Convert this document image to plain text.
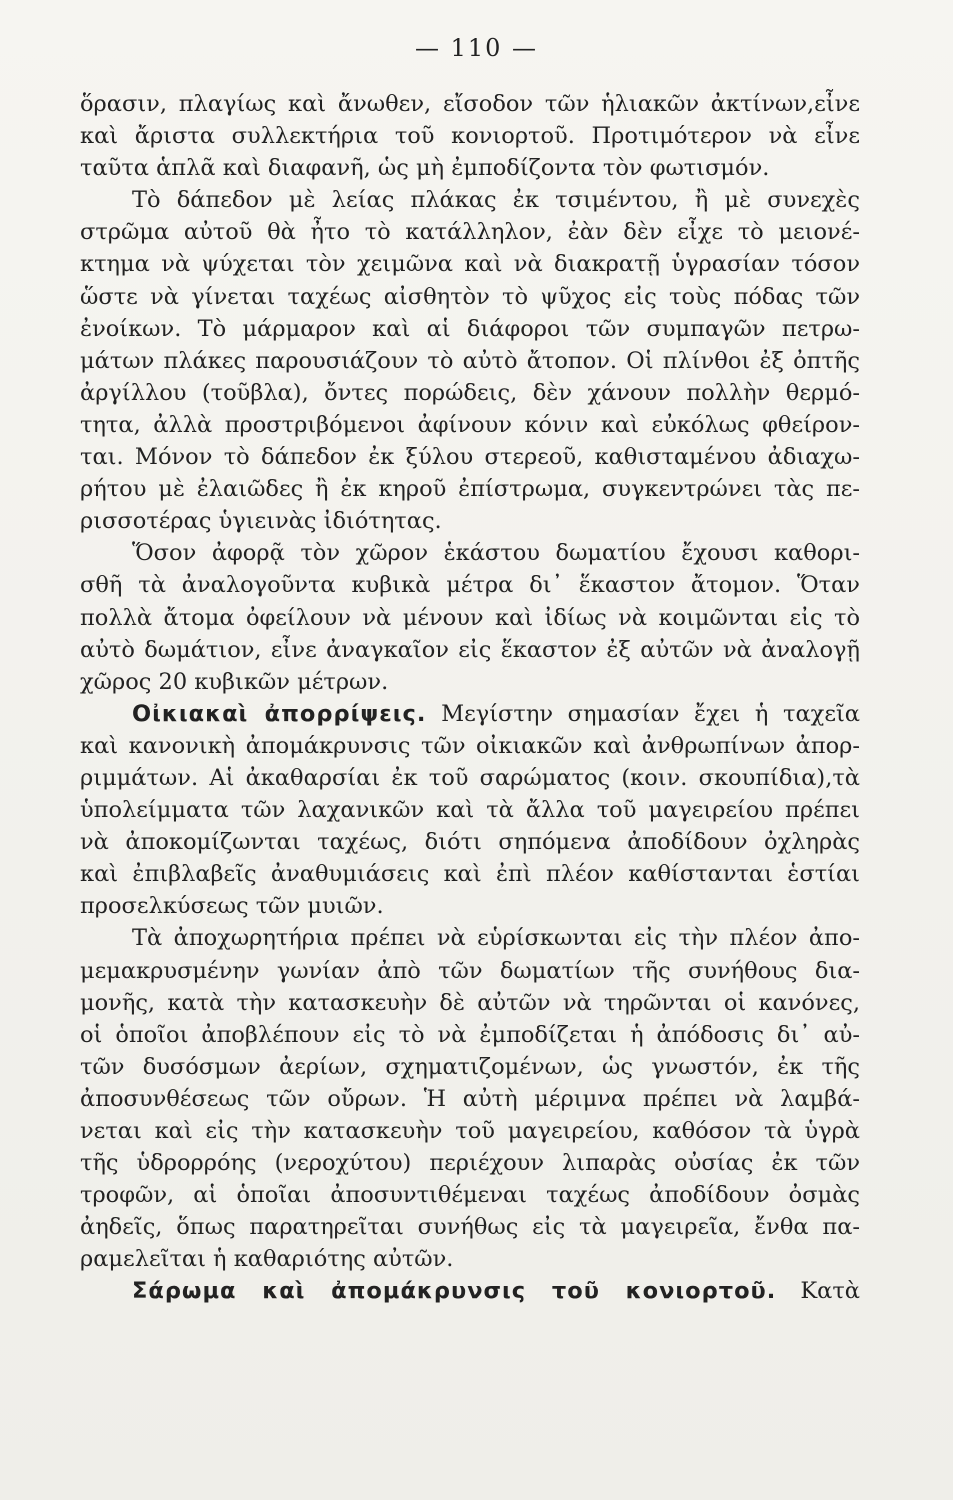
— 110 —
ὅρασιν, πλαγίως καὶ ἄνωθεν, εἴσοδον τῶν ἡλιακῶν ἀκτίνων,εἶνε
καὶ ἄριστα συλλεκτήρια τοῦ κονιορτοῦ. Προτιμότερον νὰ εἶνε
ταῦτα ἁπλᾶ καὶ διαφανῆ, ὡς μὴ ἐμποδίζοντα τὸν φωτισμόν.
Τὸ δάπεδον μὲ λείας πλάκας ἐκ τσιμέντου, ἢ μὲ συνεχὲς
στρῶμα αὐτοῦ θὰ ἦτο τὸ κατάλληλον, ἐὰν δὲν εἶχε τὸ μειονέ-
κτημα νὰ ψύχεται τὸν χειμῶνα καὶ νὰ διακρατῇ ὑγρασίαν τόσον
ὥστε νὰ γίνεται ταχέως αἰσθητὸν τὸ ψῦχος εἰς τοὺς πόδας τῶν
ἐνοίκων. Τὸ μάρμαρον καὶ αἱ διάφοροι τῶν συμπαγῶν πετρω-
μάτων πλάκες παρουσιάζουν τὸ αὐτὸ ἄτοπον. Οἱ πλίνθοι ἐξ ὀπτῆς
ἀργίλλου (τοῦβλα), ὄντες πορώδεις, δὲν χάνουν πολλὴν θερμό-
τητα, ἀλλὰ προστριβόμενοι ἀφίνουν κόνιν καὶ εὐκόλως φθείρον-
ται. Μόνον τὸ δάπεδον ἐκ ξύλου στερεοῦ, καθισταμένου ἀδιαχω-
ρήτου μὲ ἐλαιῶδες ἢ ἐκ κηροῦ ἐπίστρωμα, συγκεντρώνει τὰς πε-
ρισσοτέρας ὑγιεινὰς ἰδιότητας.
Ὅσον ἀφορᾷ τὸν χῶρον ἑκάστου δωματίου ἔχουσι καθορι-
σθῆ τὰ ἀναλογοῦντα κυβικὰ μέτρα δι᾽ ἕκαστον ἄτομον. Ὅταν
πολλὰ ἄτομα ὀφείλουν νὰ μένουν καὶ ἰδίως νὰ κοιμῶνται εἰς τὸ
αὐτὸ δωμάτιον, εἶνε ἀναγκαῖον εἰς ἕκαστον ἐξ αὐτῶν νὰ ἀναλογῇ
χῶρος 20 κυβικῶν μέτρων.
Οἰκιακαὶ ἀπορρίψεις. Μεγίστην σημασίαν ἔχει ἡ ταχεῖα
καὶ κανονικὴ ἀπομάκρυνσις τῶν οἰκιακῶν καὶ ἀνθρωπίνων ἀπορ-
ριμμάτων. Αἱ ἀκαθαρσίαι ἐκ τοῦ σαρώματος (κοιν. σκουπίδια),τὰ
ὑπολείμματα τῶν λαχανικῶν καὶ τὰ ἄλλα τοῦ μαγειρείου πρέπει
νὰ ἀποκομίζωνται ταχέως, διότι σηπόμενα ἀποδίδουν ὀχληρὰς
καὶ ἐπιβλαβεῖς ἀναθυμιάσεις καὶ ἐπὶ πλέον καθίστανται ἑστίαι
προσελκύσεως τῶν μυιῶν.
Τὰ ἀποχωρητήρια πρέπει νὰ εὑρίσκωνται εἰς τὴν πλέον ἀπο-
μεμακρυσμένην γωνίαν ἀπὸ τῶν δωματίων τῆς συνήθους δια-
μονῆς, κατὰ τὴν κατασκευὴν δὲ αὐτῶν νὰ τηρῶνται οἱ κανόνες,
οἱ ὁποῖοι ἀποβλέπουν εἰς τὸ νὰ ἐμποδίζεται ἡ ἀπόδοσις δι᾽ αὐ-
τῶν δυσόσμων ἀερίων, σχηματιζομένων, ὡς γνωστόν, ἐκ τῆς
ἀποσυνθέσεως τῶν οὔρων. Ἡ αὐτὴ μέριμνα πρέπει νὰ λαμβά-
νεται καὶ εἰς τὴν κατασκευὴν τοῦ μαγειρείου, καθόσον τὰ ὑγρὰ
τῆς ὑδρορρόης (νεροχύτου) περιέχουν λιπαρὰς οὐσίας ἐκ τῶν
τροφῶν, αἱ ὁποῖαι ἀποσυντιθέμεναι ταχέως ἀποδίδουν ὀσμὰς
ἀηδεῖς, ὅπως παρατηρεῖται συνήθως εἰς τὰ μαγειρεῖα, ἔνθα πα-
ραμελεῖται ἡ καθαριότης αὐτῶν.
Σάρωμα καὶ ἀπομάκρυνσις τοῦ κονιορτοῦ. Κατὰ
